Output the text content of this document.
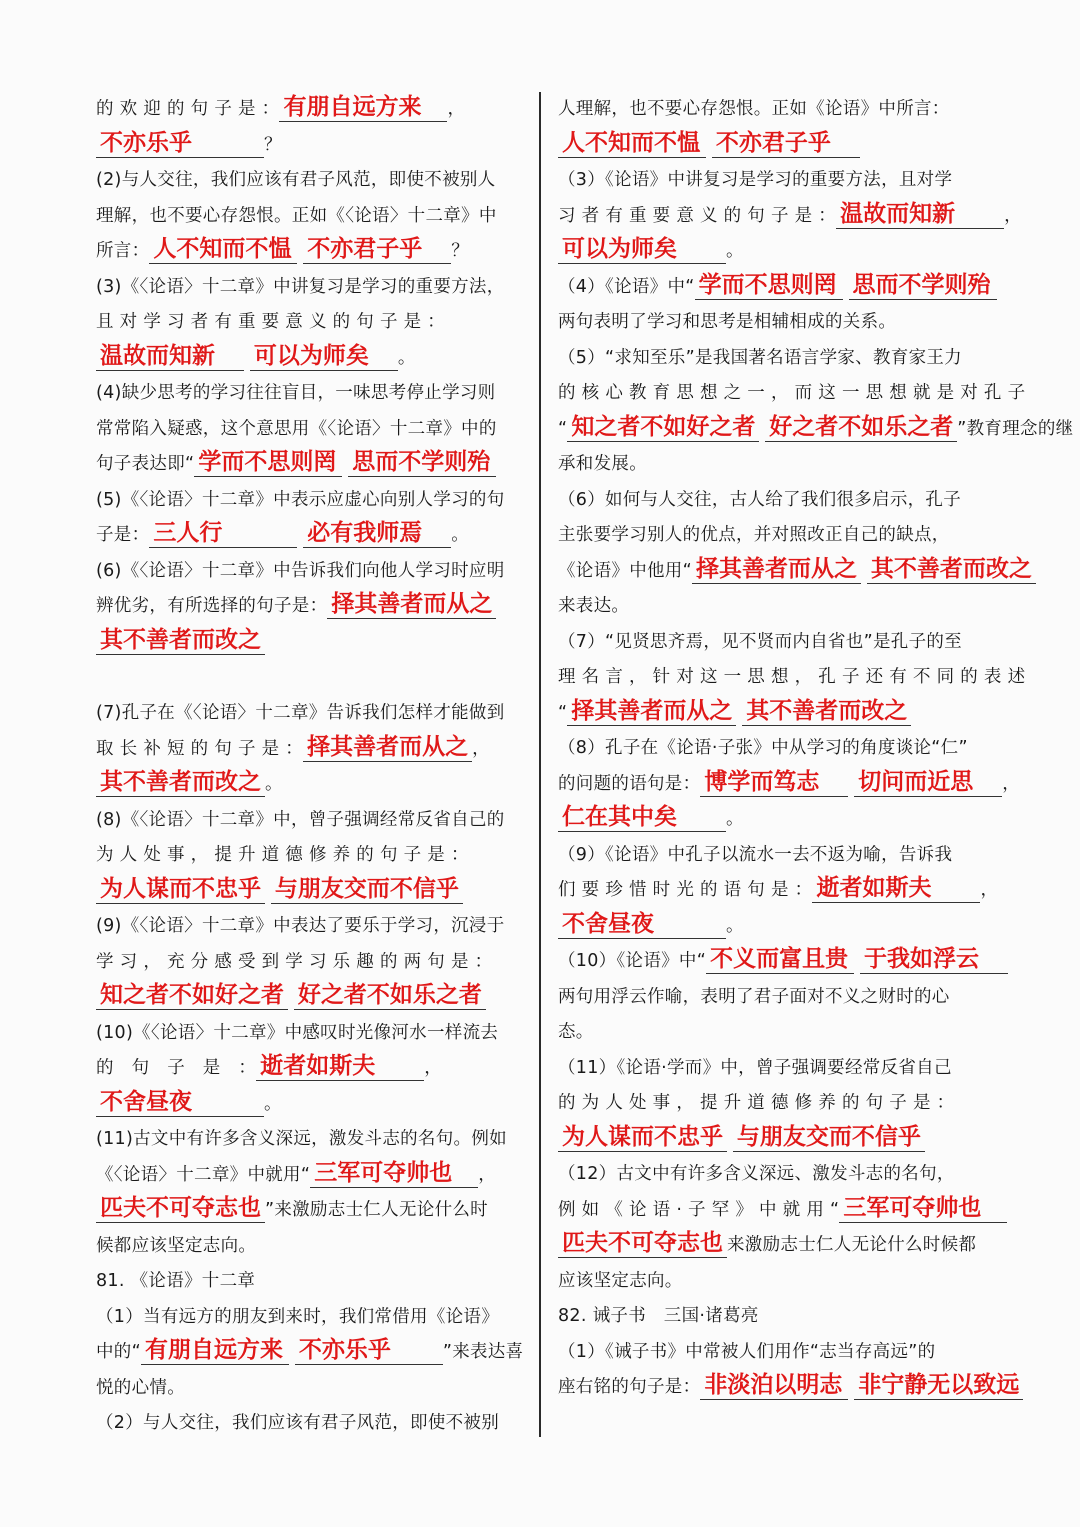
的 欢 迎 的 句 子 是 ： 有朋自远方来 ，
不亦乐乎	？
(2)与人交往，我们应该有君子风范，即使不被别人
理解，也不要心存怨恨。正如《〈论语〉十二章》中
所言： 人不知而不愠 不亦君子乎 ？
(3)《〈论语〉十二章》中讲复习是学习的重要方法，
且 对 学 习 者 有 重 要 意 义 的 句 子 是 ：
温故而知新 可以为师矣 。
(4)缺少思考的学习往往盲目，一味思考停止学习则
常常陷入疑惑，这个意思用《〈论语〉十二章》中的
句子表达即“ 学而不思则罔 思而不学则殆
(5)《〈论语〉十二章》中表示应虚心向别人学习的句
子是： 三人行	必有我师焉 。
(6)《〈论语〉十二章》中告诉我们向他人学习时应明
辨优劣，有所选择的句子是： 择其善者而从之
其不善者而改之
(7)孔子在《〈论语〉十二章》告诉我们怎样才能做到
取 长 补 短 的 句 子 是 ： 择其善者而从之 ，
其不善者而改之 。
(8)《〈论语〉十二章》中，曾子强调经常反省自己的
为 人 处 事 ， 提 升 道 德 修 养 的 句 子 是 ：
为人谋而不忠乎 与朋友交而不信乎
(9)《〈论语〉十二章》中表达了要乐于学习，沉浸于
学 习 ， 充 分 感 受 到 学 习 乐 趣 的 两 句 是 ：
知之者不如好之者 好之者不如乐之者
(10)《〈论语〉十二章》中感叹时光像河水一样流去
的　句　子　是　： 逝者如斯夫	，
不舍昼夜	。
(11)古文中有许多含义深远，激发斗志的名句。例如
《〈论语〉十二章》中就用“ 三军可夺帅也 ，
匹夫不可夺志也 ”来激励志士仁人无论什么时
候都应该坚定志向。
81. 《论语》十二章
（1）当有远方的朋友到来时，我们常借用《论语》
中的“ 有朋自远方来 不亦乐乎	”来表达喜
悦的心情。
（2）与人交往，我们应该有君子风范，即使不被别
人理解，也不要心存怨恨。正如《论语》中所言：
人不知而不愠 不亦君子乎
（3）《论语》中讲复习是学习的重要方法，且对学
习 者 有 重 要 意 义 的 句 子 是 ： 温故而知新	，
可以为师矣	。
（4）《论语》中“ 学而不思则罔 思而不学则殆
两句表明了学习和思考是相辅相成的关系。
（5）“求知至乐”是我国著名语言学家、教育家王力
的 核 心 教 育 思 想 之 一 ， 而 这 一 思 想 就 是 对 孔 子
“ 知之者不如好之者 好之者不如乐之者 ”教育理念的继
承和发展。
（6）如何与人交往，古人给了我们很多启示，孔子
主张要学习别人的优点，并对照改正自己的缺点，
《论语》中他用“ 择其善者而从之 其不善者而改之
来表达。
（7）“见贤思齐焉，见不贤而内自省也”是孔子的至
理 名 言 ， 针 对 这 一 思 想 ， 孔 子 还 有 不 同 的 表 述
“ 择其善者而从之 其不善者而改之
（8）孔子在《论语·子张》中从学习的角度谈论“仁”
的问题的语句是： 博学而笃志 切问而近思 ，
仁在其中矣	。
（9）《论语》中孔子以流水一去不返为喻，告诉我
们 要 珍 惜 时 光 的 语 句 是 ： 逝者如斯夫	，
不舍昼夜	。
（10）《论语》中“ 不义而富且贵 于我如浮云
两句用浮云作喻，表明了君子面对不义之财时的心
态。
（11）《论语·学而》中，曾子强调要经常反省自己
的 为 人 处 事 ， 提 升 道 德 修 养 的 句 子 是 ：
为人谋而不忠乎 与朋友交而不信乎
（12）古文中有许多含义深远、激发斗志的名句，
例 如 《 论 语 · 子 罕 》 中 就 用 “ 三军可夺帅也
匹夫不可夺志也 来激励志士仁人无论什么时候都
应该坚定志向。
82. 诫子书　三国·诸葛亮
（1）《诫子书》中常被人们用作“志当存高远”的
座右铭的句子是： 非淡泊以明志 非宁静无以致远
